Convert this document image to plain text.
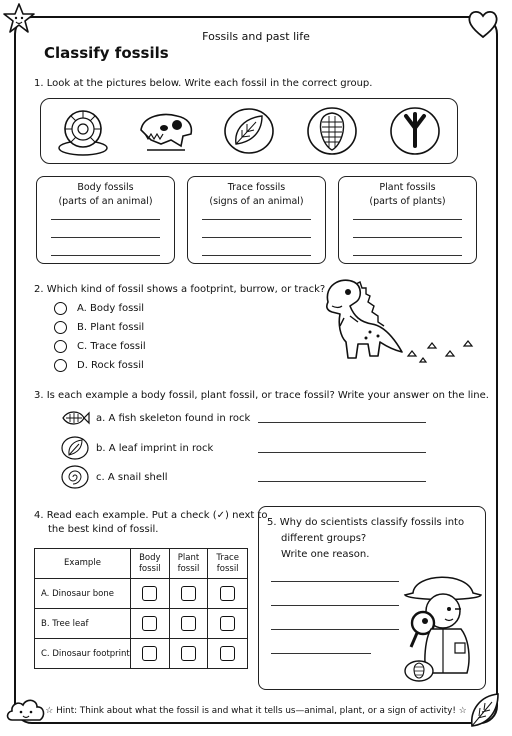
Fossils and past life
Classify fossils
1. Look at the pictures below. Write each fossil in the correct group.
Body fossils
(parts of an animal)
Trace fossils
(signs of an animal)
Plant fossils
(parts of plants)
2. Which kind of fossil shows a footprint, burrow, or track?
A. Body fossil
B. Plant fossil
C. Trace fossil
D. Rock fossil
3. Is each example a body fossil, plant fossil, or trace fossil? Write your answer on the line.
a. A fish skeleton found in rock
b. A leaf imprint in rock
c. A snail shell
4. Read each example. Put a check (✓) next to
the best kind of fossil.
Example	Body fossil	Plant fossil	Trace fossil
A. Dinosaur bone			
B. Tree leaf			
C. Dinosaur footprint			
5. Why do scientists classify fossils into
different groups?
Write one reason.
☆ Hint: Think about what the fossil is and what it tells us—animal, plant, or a sign of activity! ☆
